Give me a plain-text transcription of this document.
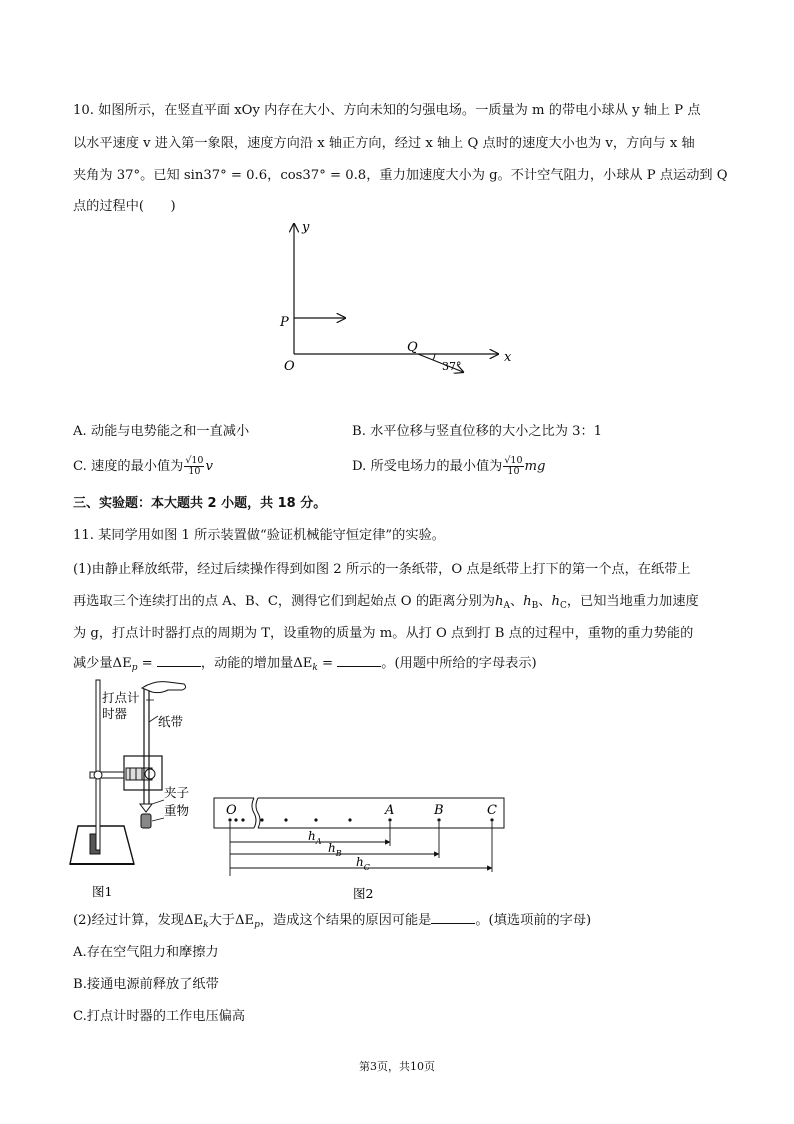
10. 如图所示，在竖直平面 xOy 内存在大小、方向未知的匀强电场。一质量为 m 的带电小球从 y 轴上 P 点
以水平速度 v 进入第一象限，速度方向沿 x 轴正方向，经过 x 轴上 Q 点时的速度大小也为 v，方向与 x 轴
夹角为 37°。已知 sin37° = 0.6，cos37° = 0.8，重力加速度大小为 g。不计空气阻力，小球从 P 点运动到 Q
点的过程中(　　)
y
x
P
O
Q
37°
A. 动能与电势能之和一直减小	B. 水平位移与竖直位移的大小之比为 3：1
C. 速度的最小值为 $\frac{√10}{10}$ v	D. 所受电场力的最小值为 $\frac{√10}{10}$ mg
三、实验题：本大题共 2 小题，共 18 分。
11. 某同学用如图 1 所示装置做“验证机械能守恒定律”的实验。
(1)由静止释放纸带，经过后续操作得到如图 2 所示的一条纸带，O 点是纸带上打下的第一个点，在纸带上
再选取三个连续打出的点 A、B、C，测得它们到起始点 O 的距离分别为$h_A$、$h_B$、$h_C$，已知当地重力加速度
为 g，打点计时器打点的周期为 T，设重物的质量为 m。从打 O 点到打 B 点的过程中，重物的重力势能的
减少量$\Delta E_p$ =	，动能的增加量$\Delta E_k$ =	。(用题中所给的字母表示)
打点计
时器
纸带
夹子
重物
图1
O	A	B	C
$h_A$ $h_B$
$h_C$
图2
(2)经过计算，发现$\Delta E_k$大于$\Delta E_p$，造成这个结果的原因可能是	。(填选项前的字母)
A.存在空气阻力和摩擦力
B.接通电源前释放了纸带
C.打点计时器的工作电压偏高
第3页，共10页
